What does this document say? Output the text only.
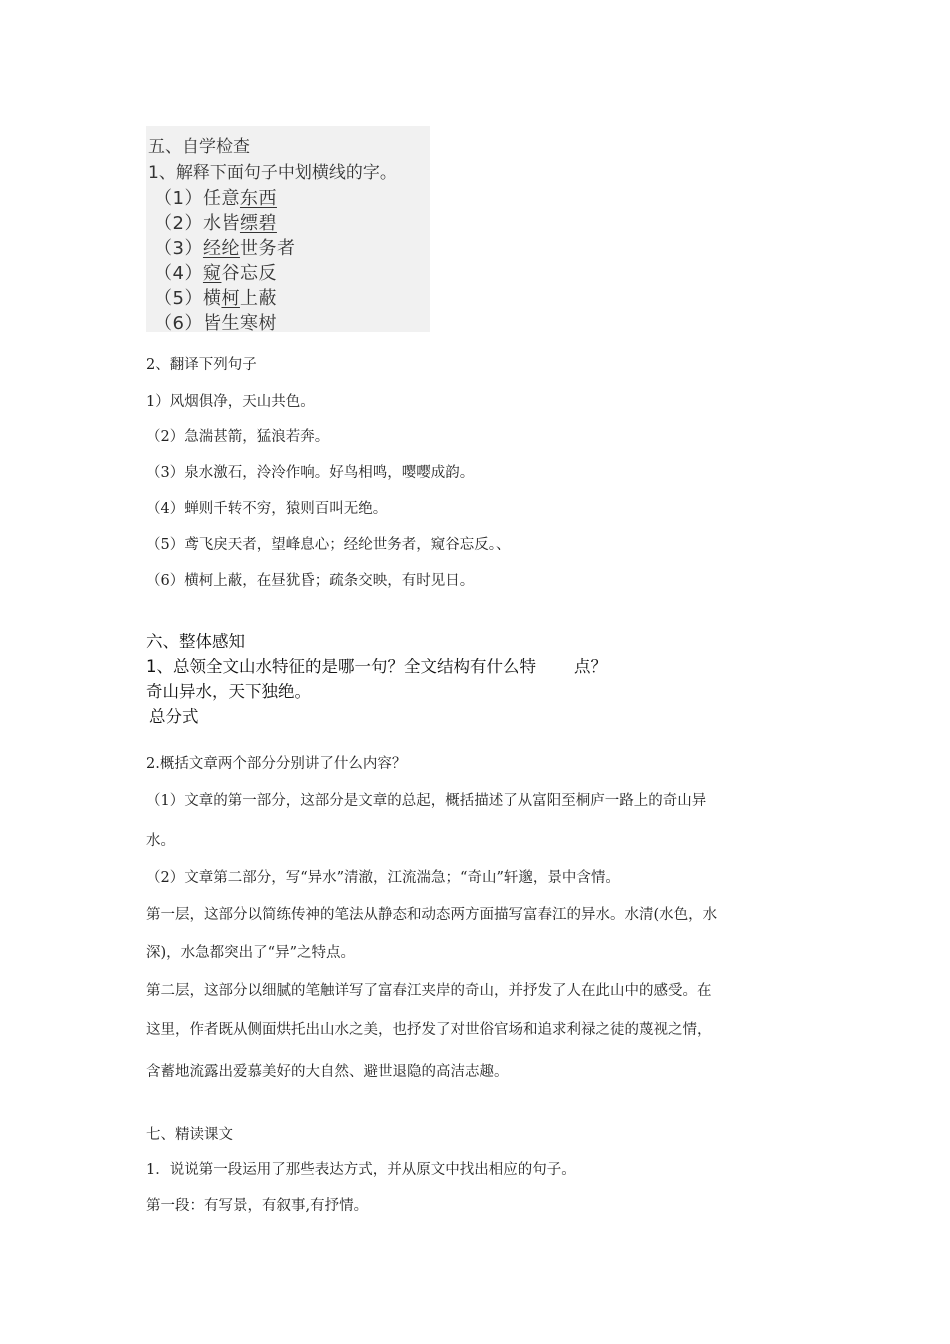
五、自学检查
1、解释下面句子中划横线的字。
（1）任意东西
（2）水皆缥碧
（3）经纶世务者
（4）窥谷忘反
（5）横柯上蔽
（6）皆生寒树
2、翻译下列句子
1）风烟俱净，天山共色。
（2）急湍甚箭，猛浪若奔。
（3）泉水激石，泠泠作响。好鸟相鸣，嘤嘤成韵。
（4）蝉则千转不穷，猿则百叫无绝。
（5）鸢飞戾天者，望峰息心；经纶世务者，窥谷忘反。、
（6）横柯上蔽，在昼犹昏；疏条交映，有时见日。
六、整体感知
1、总领全文山水特征的是哪一句？全文结构有什么特 点？
奇山异水，天下独绝。
总分式
2.概括文章两个部分分别讲了什么内容？
（1）文章的第一部分，这部分是文章的总起，概括描述了从富阳至桐庐一路上的奇山异
水。
（2）文章第二部分，写“异水”清澈，江流湍急；“奇山”轩邈，景中含情。
第一层，这部分以简练传神的笔法从静态和动态两方面描写富春江的异水。水清(水色，水
深)，水急都突出了“异”之特点。
第二层，这部分以细腻的笔触详写了富春江夹岸的奇山，并抒发了人在此山中的感受。在
这里，作者既从侧面烘托出山水之美，也抒发了对世俗官场和追求利禄之徒的蔑视之情，
含蓄地流露出爱慕美好的大自然、避世退隐的高洁志趣。
七、精读课文
1．说说第一段运用了那些表达方式，并从原文中找出相应的句子。
第一段：有写景，有叙事,有抒情。
